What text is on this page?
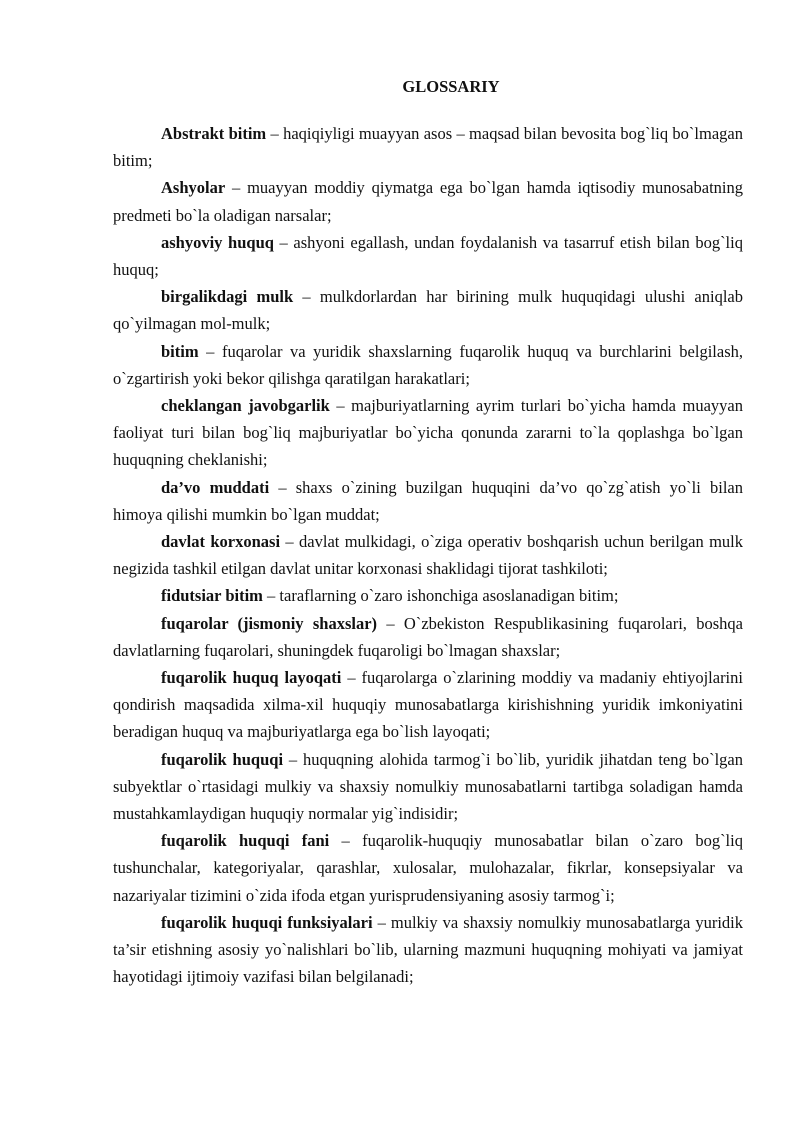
GLOSSARIY

Abstrakt bitim – haqiqiyligi muayyan asos – maqsad bilan bevosita bog`liq bo`lmagan bitim;

Ashyolar – muayyan moddiy qiymatga ega bo`lgan hamda iqtisodiy munosabatning predmeti bo`la oladigan narsalar;

ashyoviy huquq – ashyoni egallash, undan foydalanish va tasarruf etish bilan bog`liq huquq;

birgalikdagi mulk – mulkdorlardan har birining mulk huquqidagi ulushi aniqlab qo`yilmagan mol-mulk;

bitim – fuqarolar va yuridik shaxslarning fuqarolik huquq va burchlarini belgilash, o`zgartirish yoki bekor qilishga qaratilgan harakatlari;

cheklangan javobgarlik – majburiyatlarning ayrim turlari bo`yicha hamda muayyan faoliyat turi bilan bog`liq majburiyatlar bo`yicha qonunda zararni to`la qoplashga bo`lgan huquqning cheklanishi;

da’vo muddati – shaxs o`zining buzilgan huquqini da’vo qo`zg`atish yo`li bilan himoya qilishi mumkin bo`lgan muddat;

davlat korxonasi – davlat mulkidagi, o`ziga operativ boshqarish uchun berilgan mulk negizida tashkil etilgan davlat unitar korxonasi shaklidagi tijorat tashkiloti;

fidutsiar bitim – taraflarning o`zaro ishonchiga asoslanadigan bitim;

fuqarolar (jismoniy shaxslar) – O`zbekiston Respublikasining fuqarolari, boshqa davlatlarning fuqarolari, shuningdek fuqaroligi bo`lmagan shaxslar;

fuqarolik huquq layoqati – fuqarolarga o`zlarining moddiy va madaniy ehtiyojlarini qondirish maqsadida xilma-xil huquqiy munosabatlarga kirishishning yuridik imkoniyatini beradigan huquq va majburiyatlarga ega bo`lish layoqati;

fuqarolik huquqi – huquqning alohida tarmog`i bo`lib, yuridik jihatdan teng bo`lgan subyektlar o`rtasidagi mulkiy va shaxsiy nomulkiy munosabatlarni tartibga soladigan hamda mustahkamlaydigan huquqiy normalar yig`indisidir;

fuqarolik huquqi fani – fuqarolik-huquqiy munosabatlar bilan o`zaro bog`liq tushunchalar, kategoriyalar, qarashlar, xulosalar, mulohazalar, fikrlar, konsepsiyalar va nazariyalar tizimini o`zida ifoda etgan yurisprudensiyaning asosiy tarmog`i;

fuqarolik huquqi funksiyalari – mulkiy va shaxsiy nomulkiy munosabatlarga yuridik ta’sir etishning asosiy yo`nalishlari bo`lib, ularning mazmuni huquqning mohiyati va jamiyat hayotidagi ijtimoiy vazifasi bilan belgilanadi;
